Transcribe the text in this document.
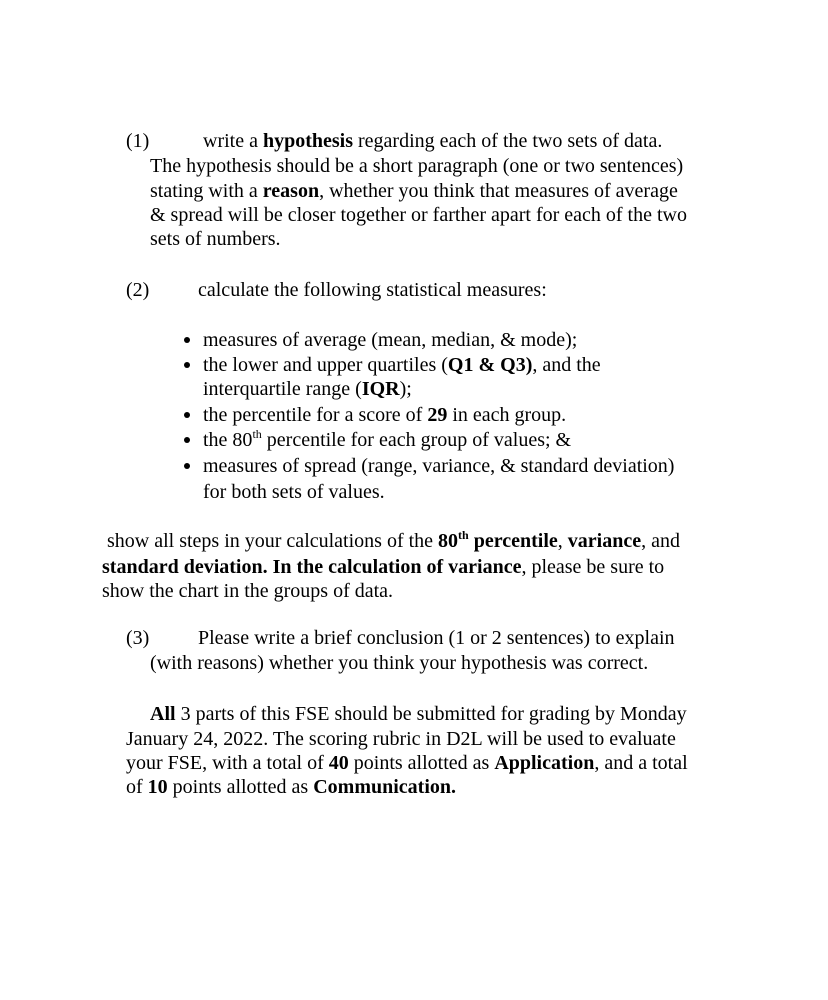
(1)	write a hypothesis regarding each of the two sets of data.
The hypothesis should be a short paragraph (one or two sentences)
stating with a reason, whether you think that measures of average
& spread will be closer together or farther apart for each of the two
sets of numbers.
(2) calculate the following statistical measures:
measures of average (mean, median, & mode);
the lower and upper quartiles (Q1 & Q3), and the
interquartile range (IQR);
the percentile for a score of 29 in each group.
the 80th percentile for each group of values; &
measures of spread (range, variance, & standard deviation)
for both sets of values.
show all steps in your calculations of the 80th percentile, variance, and
standard deviation. In the calculation of variance, please be sure to
show the chart in the groups of data.
(3) Please write a brief conclusion (1 or 2 sentences) to explain
(with reasons) whether you think your hypothesis was correct.
All 3 parts of this FSE should be submitted for grading by Monday
January 24, 2022. The scoring rubric in D2L will be used to evaluate
your FSE, with a total of 40 points allotted as Application, and a total
of 10 points allotted as Communication.
